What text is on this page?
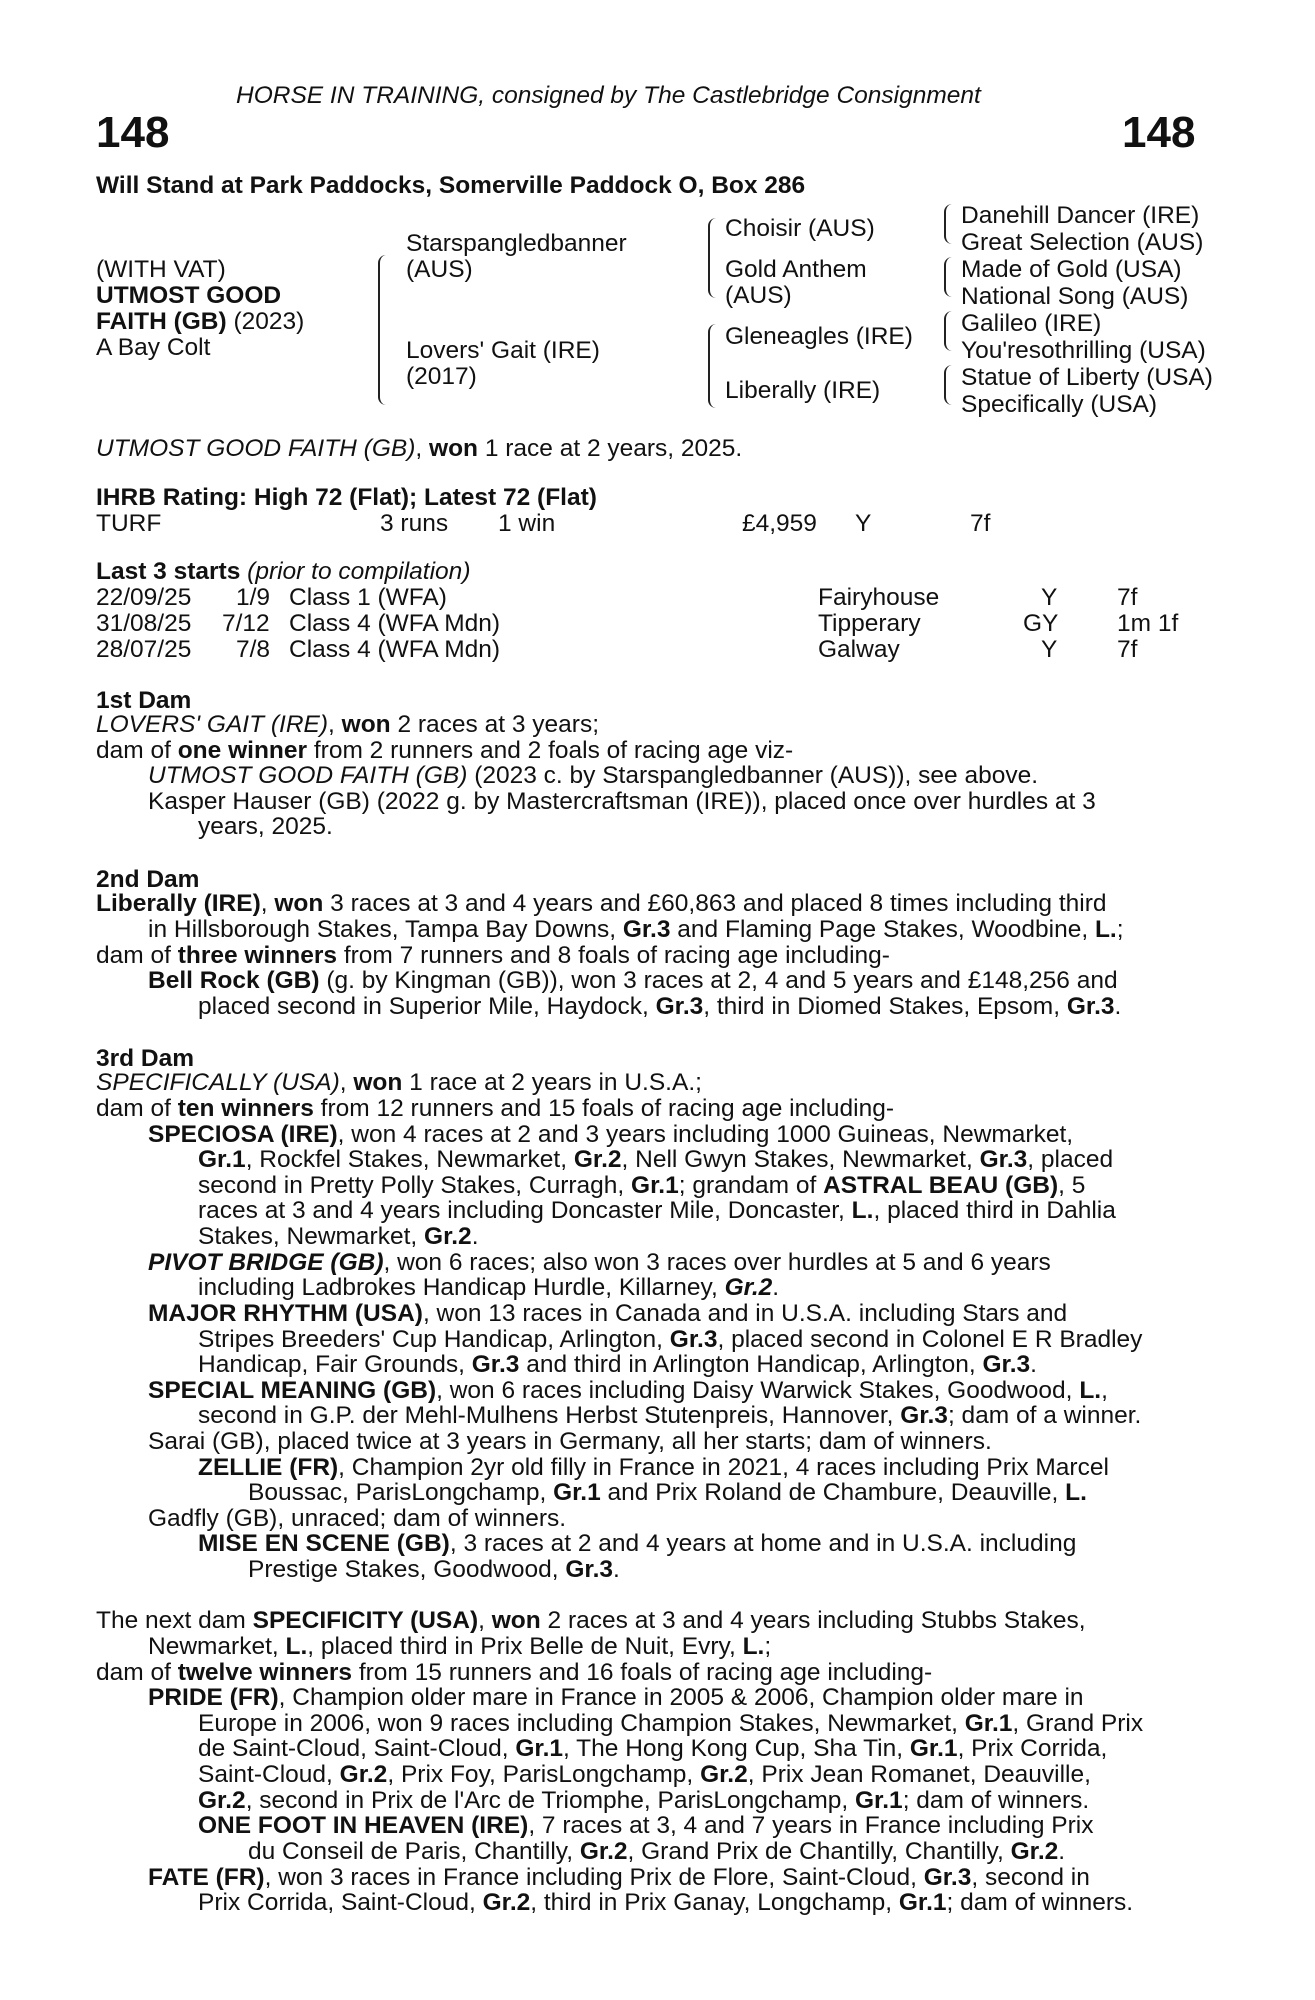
HORSE IN TRAINING, consigned by The Castlebridge Consignment
148	148
Will Stand at Park Paddocks, Somerville Paddock O, Box 286
(WITH VAT)
UTMOST GOOD
FAITH (GB) (2023)
A Bay Colt
Starspangledbanner
(AUS)
Lovers' Gait (IRE)
(2017)
Choisir (AUS)
Gold Anthem
(AUS)
Gleneagles (IRE)
Liberally (IRE)
Danehill Dancer (IRE)
Great Selection (AUS)
Made of Gold (USA)
National Song (AUS)
Galileo (IRE)
You'resothrilling (USA)
Statue of Liberty (USA)
Specifically (USA)
UTMOST GOOD FAITH (GB), won 1 race at 2 years, 2025.
IHRB Rating: High 72 (Flat); Latest 72 (Flat)
TURF	3 runs 1 win	£4,959 Y	7f
Last 3 starts (prior to compilation)
22/09/25 1/9 Class 1 (WFA)	Fairyhouse	Y 7f
31/08/25 7/12 Class 4 (WFA Mdn)	Tipperary	GY 1m 1f
28/07/25 7/8 Class 4 (WFA Mdn)	Galway	Y 7f
1st Dam
LOVERS' GAIT (IRE), won 2 races at 3 years;
dam of one winner from 2 runners and 2 foals of racing age viz-
UTMOST GOOD FAITH (GB) (2023 c. by Starspangledbanner (AUS)), see above.
Kasper Hauser (GB) (2022 g. by Mastercraftsman (IRE)), placed once over hurdles at 3
years, 2025.
2nd Dam
Liberally (IRE), won 3 races at 3 and 4 years and £60,863 and placed 8 times including third
in Hillsborough Stakes, Tampa Bay Downs, Gr.3 and Flaming Page Stakes, Woodbine, L.;
dam of three winners from 7 runners and 8 foals of racing age including-
Bell Rock (GB) (g. by Kingman (GB)), won 3 races at 2, 4 and 5 years and £148,256 and
placed second in Superior Mile, Haydock, Gr.3, third in Diomed Stakes, Epsom, Gr.3.
3rd Dam
SPECIFICALLY (USA), won 1 race at 2 years in U.S.A.;
dam of ten winners from 12 runners and 15 foals of racing age including-
SPECIOSA (IRE), won 4 races at 2 and 3 years including 1000 Guineas, Newmarket,
Gr.1, Rockfel Stakes, Newmarket, Gr.2, Nell Gwyn Stakes, Newmarket, Gr.3, placed
second in Pretty Polly Stakes, Curragh, Gr.1; grandam of ASTRAL BEAU (GB), 5
races at 3 and 4 years including Doncaster Mile, Doncaster, L., placed third in Dahlia
Stakes, Newmarket, Gr.2.
PIVOT BRIDGE (GB), won 6 races; also won 3 races over hurdles at 5 and 6 years
including Ladbrokes Handicap Hurdle, Killarney, Gr.2.
MAJOR RHYTHM (USA), won 13 races in Canada and in U.S.A. including Stars and
Stripes Breeders' Cup Handicap, Arlington, Gr.3, placed second in Colonel E R Bradley
Handicap, Fair Grounds, Gr.3 and third in Arlington Handicap, Arlington, Gr.3.
SPECIAL MEANING (GB), won 6 races including Daisy Warwick Stakes, Goodwood, L.,
second in G.P. der Mehl-Mulhens Herbst Stutenpreis, Hannover, Gr.3; dam of a winner.
Sarai (GB), placed twice at 3 years in Germany, all her starts; dam of winners.
ZELLIE (FR), Champion 2yr old filly in France in 2021, 4 races including Prix Marcel
Boussac, ParisLongchamp, Gr.1 and Prix Roland de Chambure, Deauville, L.
Gadfly (GB), unraced; dam of winners.
MISE EN SCENE (GB), 3 races at 2 and 4 years at home and in U.S.A. including
Prestige Stakes, Goodwood, Gr.3.
The next dam SPECIFICITY (USA), won 2 races at 3 and 4 years including Stubbs Stakes,
Newmarket, L., placed third in Prix Belle de Nuit, Evry, L.;
dam of twelve winners from 15 runners and 16 foals of racing age including-
PRIDE (FR), Champion older mare in France in 2005 & 2006, Champion older mare in
Europe in 2006, won 9 races including Champion Stakes, Newmarket, Gr.1, Grand Prix
de Saint-Cloud, Saint-Cloud, Gr.1, The Hong Kong Cup, Sha Tin, Gr.1, Prix Corrida,
Saint-Cloud, Gr.2, Prix Foy, ParisLongchamp, Gr.2, Prix Jean Romanet, Deauville,
Gr.2, second in Prix de l'Arc de Triomphe, ParisLongchamp, Gr.1; dam of winners.
ONE FOOT IN HEAVEN (IRE), 7 races at 3, 4 and 7 years in France including Prix
du Conseil de Paris, Chantilly, Gr.2, Grand Prix de Chantilly, Chantilly, Gr.2.
FATE (FR), won 3 races in France including Prix de Flore, Saint-Cloud, Gr.3, second in
Prix Corrida, Saint-Cloud, Gr.2, third in Prix Ganay, Longchamp, Gr.1; dam of winners.
